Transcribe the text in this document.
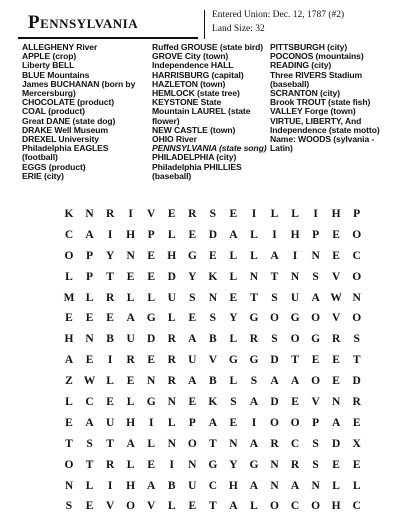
Pennsylvania	Entered Union: Dec. 12, 1787 (#2)
Land Size: 32

ALLEGHENY River

APPLE (crop)

Liberty BELL

BLUE Mountains

James BUCHANAN (born by

Mercersburg)

CHOCOLATE (product)

COAL (product)

Great DANE (state dog)

DRAKE Well Museum

DREXEL University

Philadelphia EAGLES

(football)

EGGS (product)

ERIE (city)

Ruffed GROUSE (state bird)

GROVE City (town)

Independence HALL

HARRISBURG (capital)

HAZLETON (town)

HEMLOCK (state tree)

KEYSTONE State

Mountain LAUREL (state

flower)

NEW CASTLE (town)

OHIO River

PENNSYLVANIA (state song)

PHILADELPHIA (city)

Philadelphia PHILLIES

(baseball)

PITTSBURGH (city)

POCONOS (mountains)

READING (city)

Three RIVERS Stadium

(baseball)

SCRANTON (city)

Brook TROUT (state fish)

VALLEY Forge (town)

VIRTUE, LIBERTY, And

Independence (state motto)

Name: WOODS (sylvania -

Latin)

K N R	I	V E R	S	E	I	L L	I	H	P
C A	I	H	P	L E D A L	I	H	P	E O
O	P	Y N E H G E L L A	I	N E C
L	P	T E E D Y K L N T N	S	V O
M L R L L U	S	N E T	S	U A W N
E E E A G L E	S	Y G O G O V O
H N B U D R A B L R	S	O G R	S
A E	I	R E R U V G G D T E E T
Z W L E N R A B L	S	A A O E D
L C E L G N E K	S	A D E V N R
E A U H	I	L	P	A E	I	O O	P	A E
T	S	T A L N O T N A R C	S	D X
O T R L E	I	N G Y G N R	S	E E
N L	I	H A B U C H A N A N L L
S	E V O V L E T A L O C O H C
